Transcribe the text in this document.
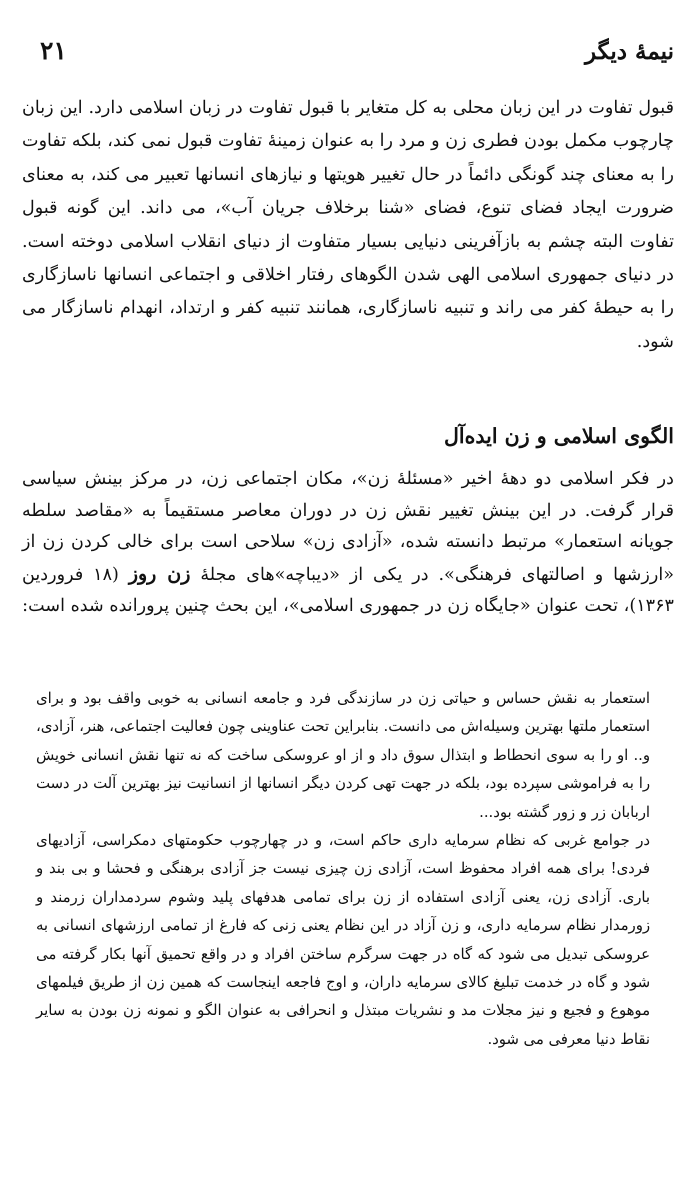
نیمهٔ دیگر
۲۱

قبول تفاوت در این زبان محلی به کل متغایر با قبول تفاوت در زبان اسلامی دارد. این زبان چارچوب مکمل بودن فطری زن و مرد را به عنوان زمینهٔ تفاوت قبول نمی کند، بلکه تفاوت را به معنای چند گونگی دائماً در حال تغییر هویتها و نیازهای انسانها تعبیر می کند، به معنای ضرورت ایجاد فضای تنوع، فضای «شنا برخلاف جریان آب»، می داند. این گونه قبول تفاوت البته چشم به بازآفرینی دنیایی بسیار متفاوت از دنیای انقلاب اسلامی دوخته است. در دنیای جمهوری اسلامی الهی شدن الگوهای رفتار اخلاقی و اجتماعی انسانها ناسازگاری را به حیطهٔ کفر می راند و تنبیه ناسازگاری، همانند تنبیه کفر و ارتداد، انهدام ناسازگار می شود.

الگوی اسلامی و زن ایده‌آل

در فکر اسلامی دو دههٔ اخیر «مسئلهٔ زن»، مکان اجتماعی زن، در مرکز بینش سیاسی قرار گرفت. در این بینش تغییر نقش زن در دوران معاصر مستقیماً به «مقاصد سلطه جویانه استعمار» مرتبط دانسته شده، «آزادی زن» سلاحی است برای خالی کردن زن از «ارزشها و اصالتهای فرهنگی». در یکی از «دیباچه»های مجلهٔ زن روز (۱۸ فروردین ۱۳۶۳)، تحت عنوان «جایگاه زن در جمهوری اسلامی»، این بحث چنین پرورانده شده است:

استعمار به نقش حساس و حیاتی زن در سازندگی فرد و جامعه انسانی به خوبی واقف بود و برای استعمار ملتها بهترین وسیله‌اش می دانست. بنابراین تحت عناوینی چون فعالیت اجتماعی، هنر، آزادی، و.. او را به سوی انحطاط و ابتذال سوق داد و از او عروسکی ساخت که نه تنها نقش انسانی خویش را به فراموشی سپرده بود، بلکه در جهت تهی کردن دیگر انسانها از انسانیت نیز بهترین آلت در دست اربابان زر و زور گشته بود...

در جوامع غربی که نظام سرمایه داری حاکم است، و در چهارچوب حکومتهای دمکراسی، آزادیهای فردی! برای همه افراد محفوظ است، آزادی زن چیزی نیست جز آزادی برهنگی و فحشا و بی بند و باری. آزادی زن، یعنی آزادی استفاده از زن برای تمامی هدفهای پلید وشوم سردمداران زرمند و زورمدار نظام سرمایه داری، و زن آزاد در این نظام یعنی زنی که فارغ از تمامی ارزشهای انسانی به عروسکی تبدیل می شود که گاه در جهت سرگرم ساختن افراد و در واقع تحمیق آنها بکار گرفته می شود و گاه در خدمت تبلیغ کالای سرمایه داران، و اوج فاجعه اینجاست که همین زن از طریق فیلمهای موهوع و فجیع و نیز مجلات مد و نشریات مبتذل و انحرافی به عنوان الگو و نمونه زن بودن به سایر نقاط دنیا معرفی می شود.
